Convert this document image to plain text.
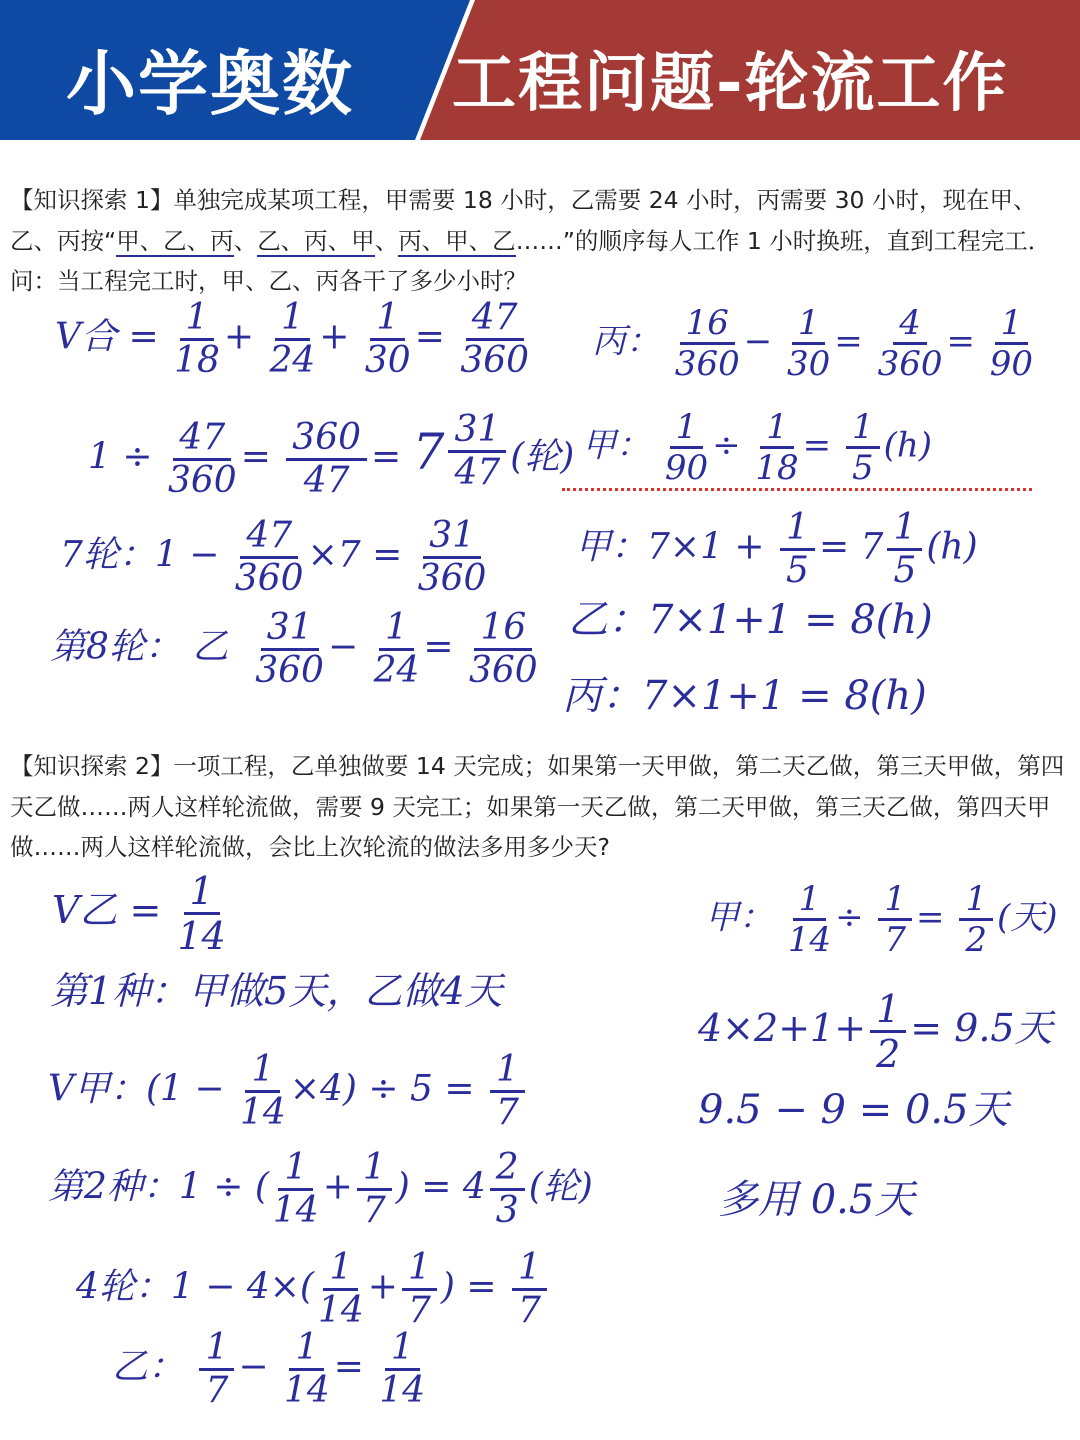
小学奥数 工程问题-轮流工作
【知识探索 1】单独完成某项工程，甲需要 18 小时，乙需要 24 小时，丙需要 30 小时，现在甲、乙、丙按“甲、乙、丙、乙、丙、甲、丙、甲、乙……”的顺序每人工作 1 小时换班，直到工程完工．问：当工程完工时，甲、乙、丙各干了多少小时？
V合 = $\frac{1}{18} + \frac{1}{24} + \frac{1}{30} = \frac{47}{360}$
$1 \div \frac{47}{360} = \frac{360}{47} = 7$ 31
47 (轮)
7轮：$1 - \frac{47}{360} \times 7 = \frac{31}{360}$
第8轮： 乙 $\frac{31}{360} - \frac{1}{24} = \frac{16}{360}$
丙： $\frac{16}{360} - \frac{1}{30} = \frac{4}{360} = \frac{1}{90}$
甲： $\frac{1}{90} \div \frac{1}{18} = \frac{1}{5} (h)$
甲：$7\times 1 + \frac{1}{5} = 7 \frac{1}{5} (h)$
乙：7×1+1 = 8(h)
丙：7×1+1 = 8(h)
【知识探索 2】一项工程，乙单独做要 14 天完成；如果第一天甲做，第二天乙做，第三天甲做，第四天乙做……两人这样轮流做，需要 9 天完工；如果第一天乙做，第二天甲做，第三天乙做，第四天甲做……两人这样轮流做，会比上次轮流的做法多用多少天?
V乙 = $\frac{1}{14}$
第1种：甲做5天，乙做4天
V甲：$(1 - \frac{1}{14} \times 4) \div 5 = \frac{1}{7}$
第2种：1 ÷ ( $\frac{1}{14} + \frac{1}{7}$ ) = $4 \frac{2}{3}$ (轮)
4轮：$1 - 4\times( \frac{1}{14} + \frac{1}{7}$ ) = $\frac{1}{7}$
乙： $\frac{1}{7} - \frac{1}{14} = \frac{1}{14}$
甲： $\frac{1}{14} \div \frac{1}{7} = \frac{1}{2}$ (天)
$4\times 2+1+ \frac{1}{2} = 9.5$天
9.5 − 9 = 0.5天
多用 0.5天
